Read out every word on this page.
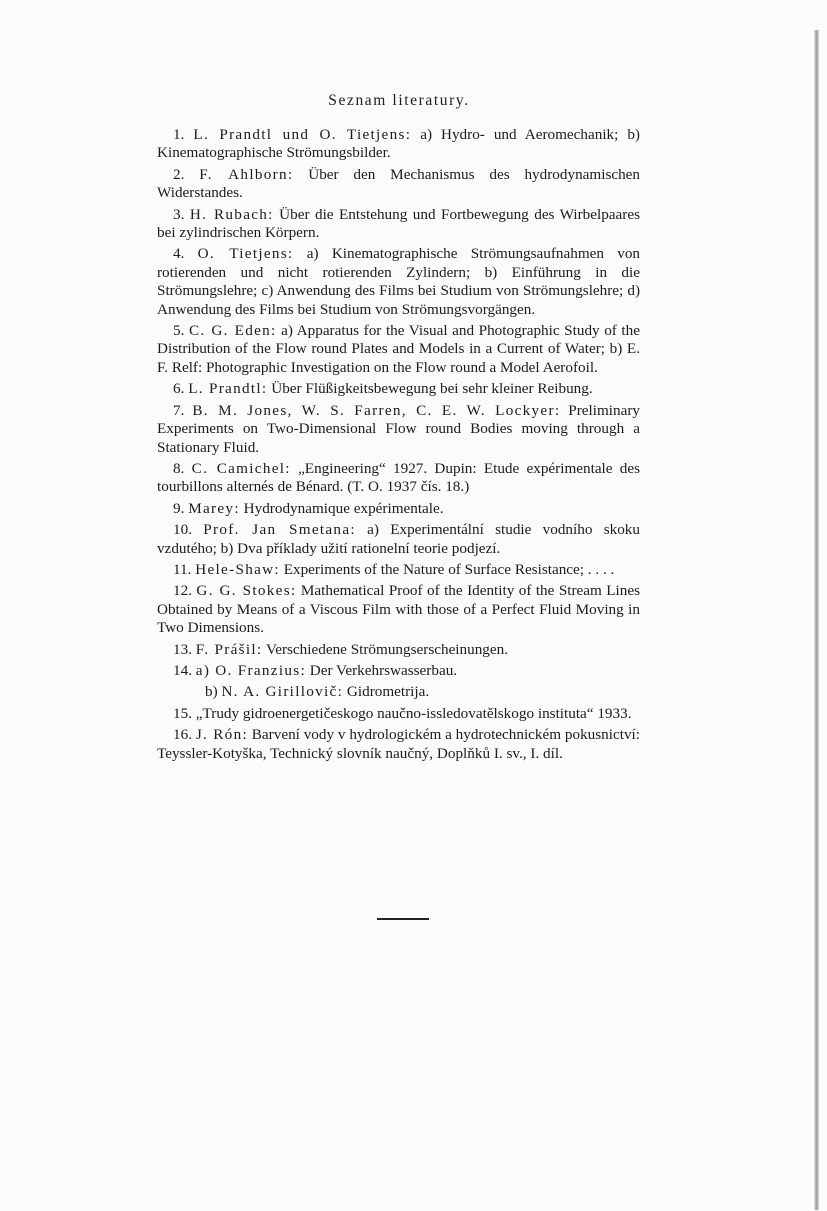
Seznam literatury.

1. L. Prandtl und O. Tietjens: a) Hydro- und Aeromechanik; b) Kinematographische Strömungsbilder.

2. F. Ahlborn: Über den Mechanismus des hydrodynamischen Widerstandes.

3. H. Rubach: Über die Entstehung und Fortbewegung des Wirbelpaares bei zylindrischen Körpern.

4. O. Tietjens: a) Kinematographische Strömungsaufnahmen von rotierenden und nicht rotierenden Zylindern; b) Einführung in die Strömungslehre; c) Anwendung des Films bei Studium von Strömungslehre; d) Anwendung des Films bei Studium von Strömungsvorgängen.

5. C. G. Eden: a) Apparatus for the Visual and Photographic Study of the Distribution of the Flow round Plates and Models in a Current of Water; b) E. F. Relf: Photographic Investigation on the Flow round a Model Aerofoil.

6. L. Prandtl: Über Flüßigkeitsbewegung bei sehr kleiner Reibung.

7. B. M. Jones, W. S. Farren, C. E. W. Lockyer: Preliminary Experiments on Two-Dimensional Flow round Bodies moving through a Stationary Fluid.

8. C. Camichel: „Engineering“ 1927. Dupin: Etude expérimentale des tourbillons alternés de Bénard. (T. O. 1937 čís. 18.)

9. Marey: Hydrodynamique expérimentale.

10. Prof. Jan Smetana: a) Experimentální studie vodního skoku vzdutého; b) Dva příklady užití rationelní teorie podjezí.

11. Hele-Shaw: Experiments of the Nature of Surface Resistance; . . . .

12. G. G. Stokes: Mathematical Proof of the Identity of the Stream Lines Obtained by Means of a Viscous Film with those of a Perfect Fluid Moving in Two Dimensions.

13. F. Prášil: Verschiedene Strömungserscheinungen.

14. a) O. Franzius: Der Verkehrswasserbau.

b) N. A. Girillovič: Gidrometrija.

15. „Trudy gidroenergetičeskogo naučno-issledovatělskogo instituta“ 1933.

16. J. Rón: Barvení vody v hydrologickém a hydrotechnickém pokusnictví: Teyssler-Kotyška, Technický slovník naučný, Doplňků I. sv., I. díl.
